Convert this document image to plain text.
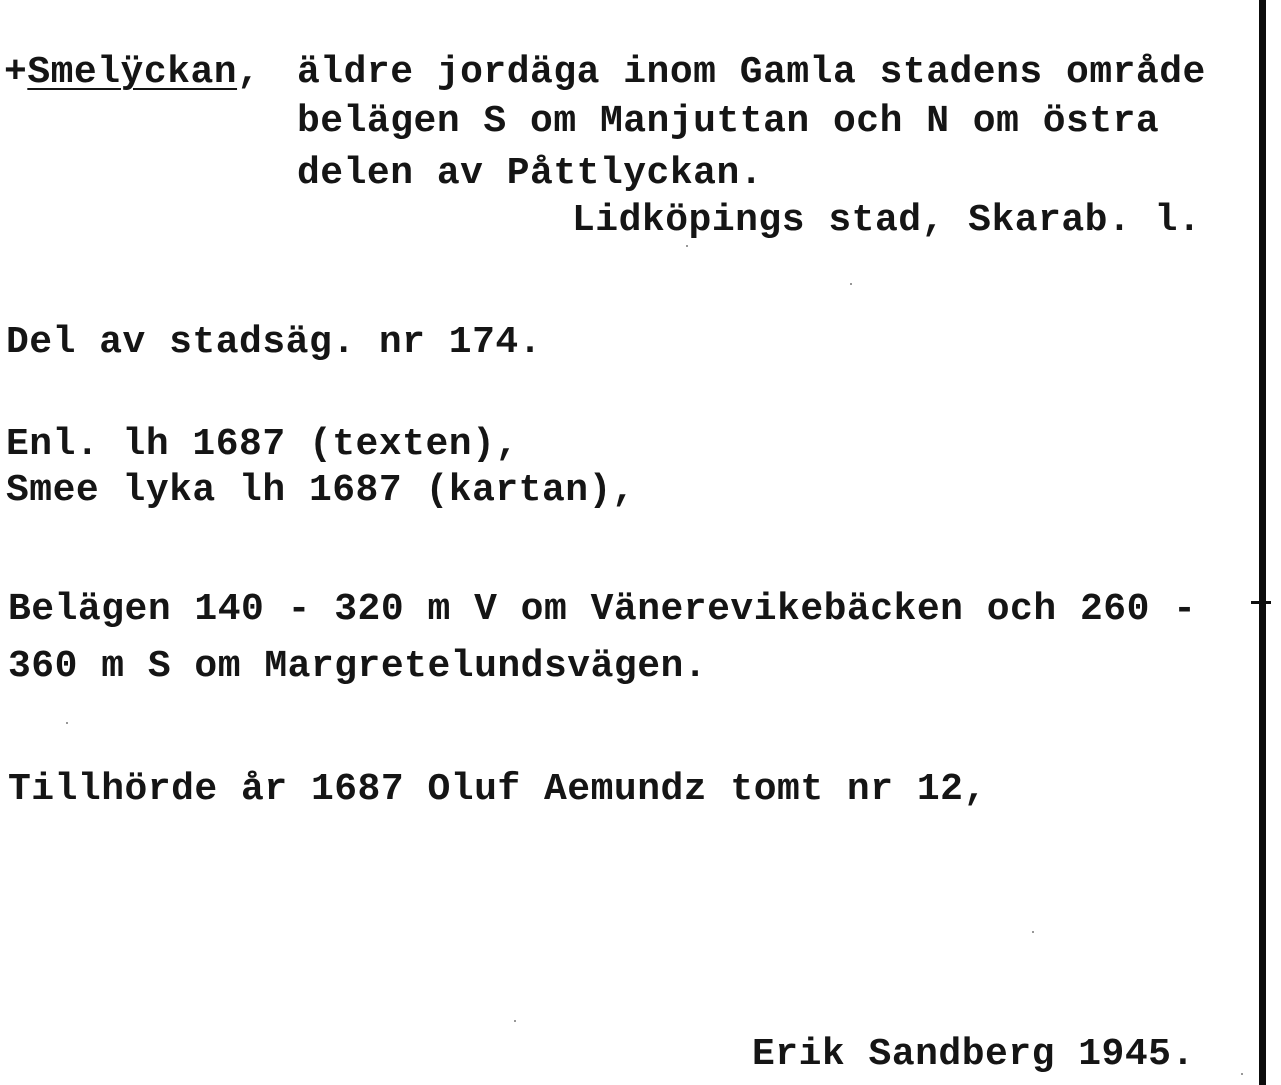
+Smelÿckan, äldre jordäga inom Gamla stadens område
belägen S om Manjuttan och N om östra
delen av Påttlyckan.
Lidköpings stad, Skarab. l.
Del av stadsäg. nr 174.
Enl. lh 1687 (texten),
Smee lyka lh 1687 (kartan),
Belägen 140 - 320 m V om Vänerevikebäcken och 260 -
360 m S om Margretelundsvägen.
Tillhörde år 1687 Oluf Aemundz tomt nr 12,
Erik Sandberg 1945.
